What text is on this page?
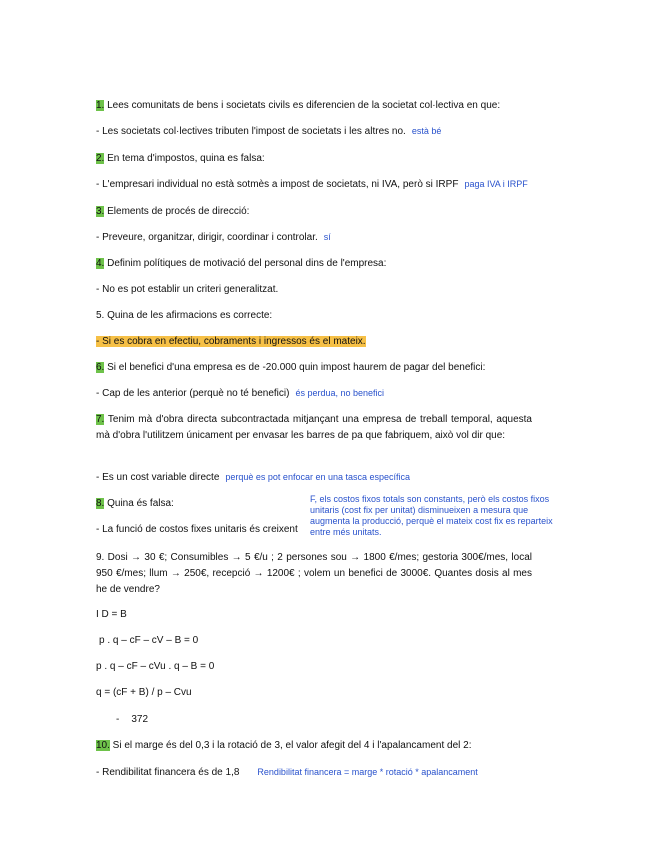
1. Lees comunitats de bens i societats civils es diferencien de la societat col·lectiva en que:
- Les societats col·lectives tributen l'impost de societats i les altres no. està bé
2. En tema d'impostos, quina es falsa:
- L'empresari individual no està sotmès a impost de societats, ni IVA, però si IRPF paga IVA i IRPF
3. Elements de procés de direcció:
- Preveure, organitzar, dirigir, coordinar i controlar. sí
4. Definim polítiques de motivació del personal dins de l'empresa:
- No es pot establir un criteri generalitzat.
5. Quina de les afirmacions es correcte:
- Si es cobra en efectiu, cobraments i ingressos és el mateix.
6. Si el benefici d'una empresa es de -20.000 quin impost haurem de pagar del benefici:
- Cap de les anterior (perquè no té benefici) és perdua, no benefici
7. Tenim mà d'obra directa subcontractada mitjançant una empresa de treball temporal, aquesta mà d'obra l'utilitzem únicament per envasar les barres de pa que fabriquem, això vol dir que:
- Es un cost variable directe perquè es pot enfocar en una tasca específica
8. Quina és falsa:
- La funció de costos fixes unitaris és creixent
F, els costos fixos totals son constants, però els costos fixos unitaris (cost fix per unitat) disminueixen a mesura que augmenta la producció, perquè el mateix cost fix es reparteix entre més unitats.
9. Dosi → 30 €; Consumibles → 5 €/u ; 2 persones sou → 1800 €/mes; gestoria 300€/mes, local 950 €/mes; llum → 250€, recepció → 1200€ ; volem un benefici de 3000€. Quantes dosis al mes he de vendre?
I D = B
p . q – cF – cV – B = 0
p . q – cF – cVu . q – B = 0
q = (cF + B) / p – Cvu
- 372
10. Si el marge és del 0,3 i la rotació de 3, el valor afegit del 4 i l'apalancament del 2:
- Rendibilitat financera és de 1,8 Rendibilitat financera = marge * rotació * apalancament
